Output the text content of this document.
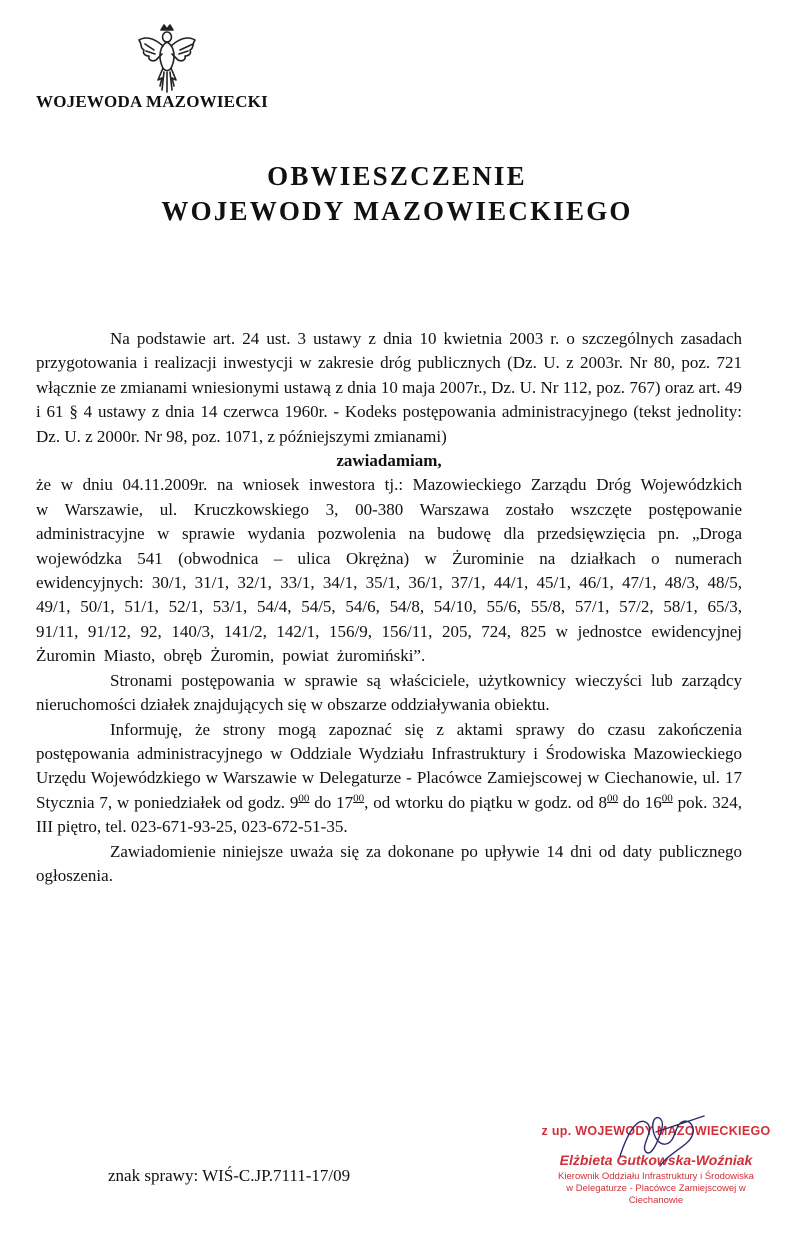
WOJEWODA MAZOWIECKI
OBWIESZCZENIE
WOJEWODY MAZOWIECKIEGO

Na podstawie art. 24 ust. 3 ustawy z dnia 10 kwietnia 2003 r. o szczególnych zasadach przygotowania i realizacji inwestycji w zakresie dróg publicznych (Dz. U. z 2003r. Nr 80, poz. 721 włącznie ze zmianami wniesionymi ustawą z dnia 10 maja 2007r., Dz. U. Nr 112, poz. 767) oraz art. 49 i 61 § 4 ustawy z dnia 14 czerwca 1960r. - Kodeks postępowania administracyjnego (tekst jednolity: Dz. U. z 2000r. Nr 98, poz. 1071, z późniejszymi zmianami)

zawiadamiam,

że w dniu 04.11.2009r. na wniosek inwestora tj.: Mazowieckiego Zarządu Dróg Wojewódzkich w Warszawie, ul. Kruczkowskiego 3, 00-380 Warszawa zostało wszczęte postępowanie administracyjne w sprawie wydania pozwolenia na budowę dla przedsięwzięcia pn. „Droga wojewódzka 541 (obwodnica – ulica Okrężna) w Żurominie na działkach o numerach ewidencyjnych: 30/1, 31/1, 32/1, 33/1, 34/1, 35/1, 36/1, 37/1, 44/1, 45/1, 46/1, 47/1, 48/3, 48/5, 49/1, 50/1, 51/1, 52/1, 53/1, 54/4, 54/5, 54/6, 54/8, 54/10, 55/6, 55/8, 57/1, 57/2, 58/1, 65/3, 91/11, 91/12, 92, 140/3, 141/2, 142/1, 156/9, 156/11, 205, 724, 825 w jednostce ewidencyjnej Żuromin Miasto, obręb Żuromin, powiat żuromiński”.

Stronami postępowania w sprawie są właściciele, użytkownicy wieczyści lub zarządcy nieruchomości działek znajdujących się w obszarze oddziaływania obiektu.

Informuję, że strony mogą zapoznać się z aktami sprawy do czasu zakończenia postępowania administracyjnego w Oddziale Wydziału Infrastruktury i Środowiska Mazowieckiego Urzędu Wojewódzkiego w Warszawie w Delegaturze - Placówce Zamiejscowej w Ciechanowie, ul. 17 Stycznia 7, w poniedziałek od godz. $9^{00}$ do $17^{00}$, od wtorku do piątku w godz. od $8^{00}$ do $16^{00}$ pok. 324, III piętro, tel. 023-671-93-25, 023-672-51-35.

Zawiadomienie niniejsze uważa się za dokonane po upływie 14 dni od daty publicznego ogłoszenia.

znak sprawy: WIŚ-C.JP.7111-17/09
z up. WOJEWODY MAZOWIECKIEGO
Elżbieta Gutkowska-Woźniak
Kierownik Oddziału Infrastruktury i Środowiska
w Delegaturze - Placówce Zamiejscowej w Ciechanowie
